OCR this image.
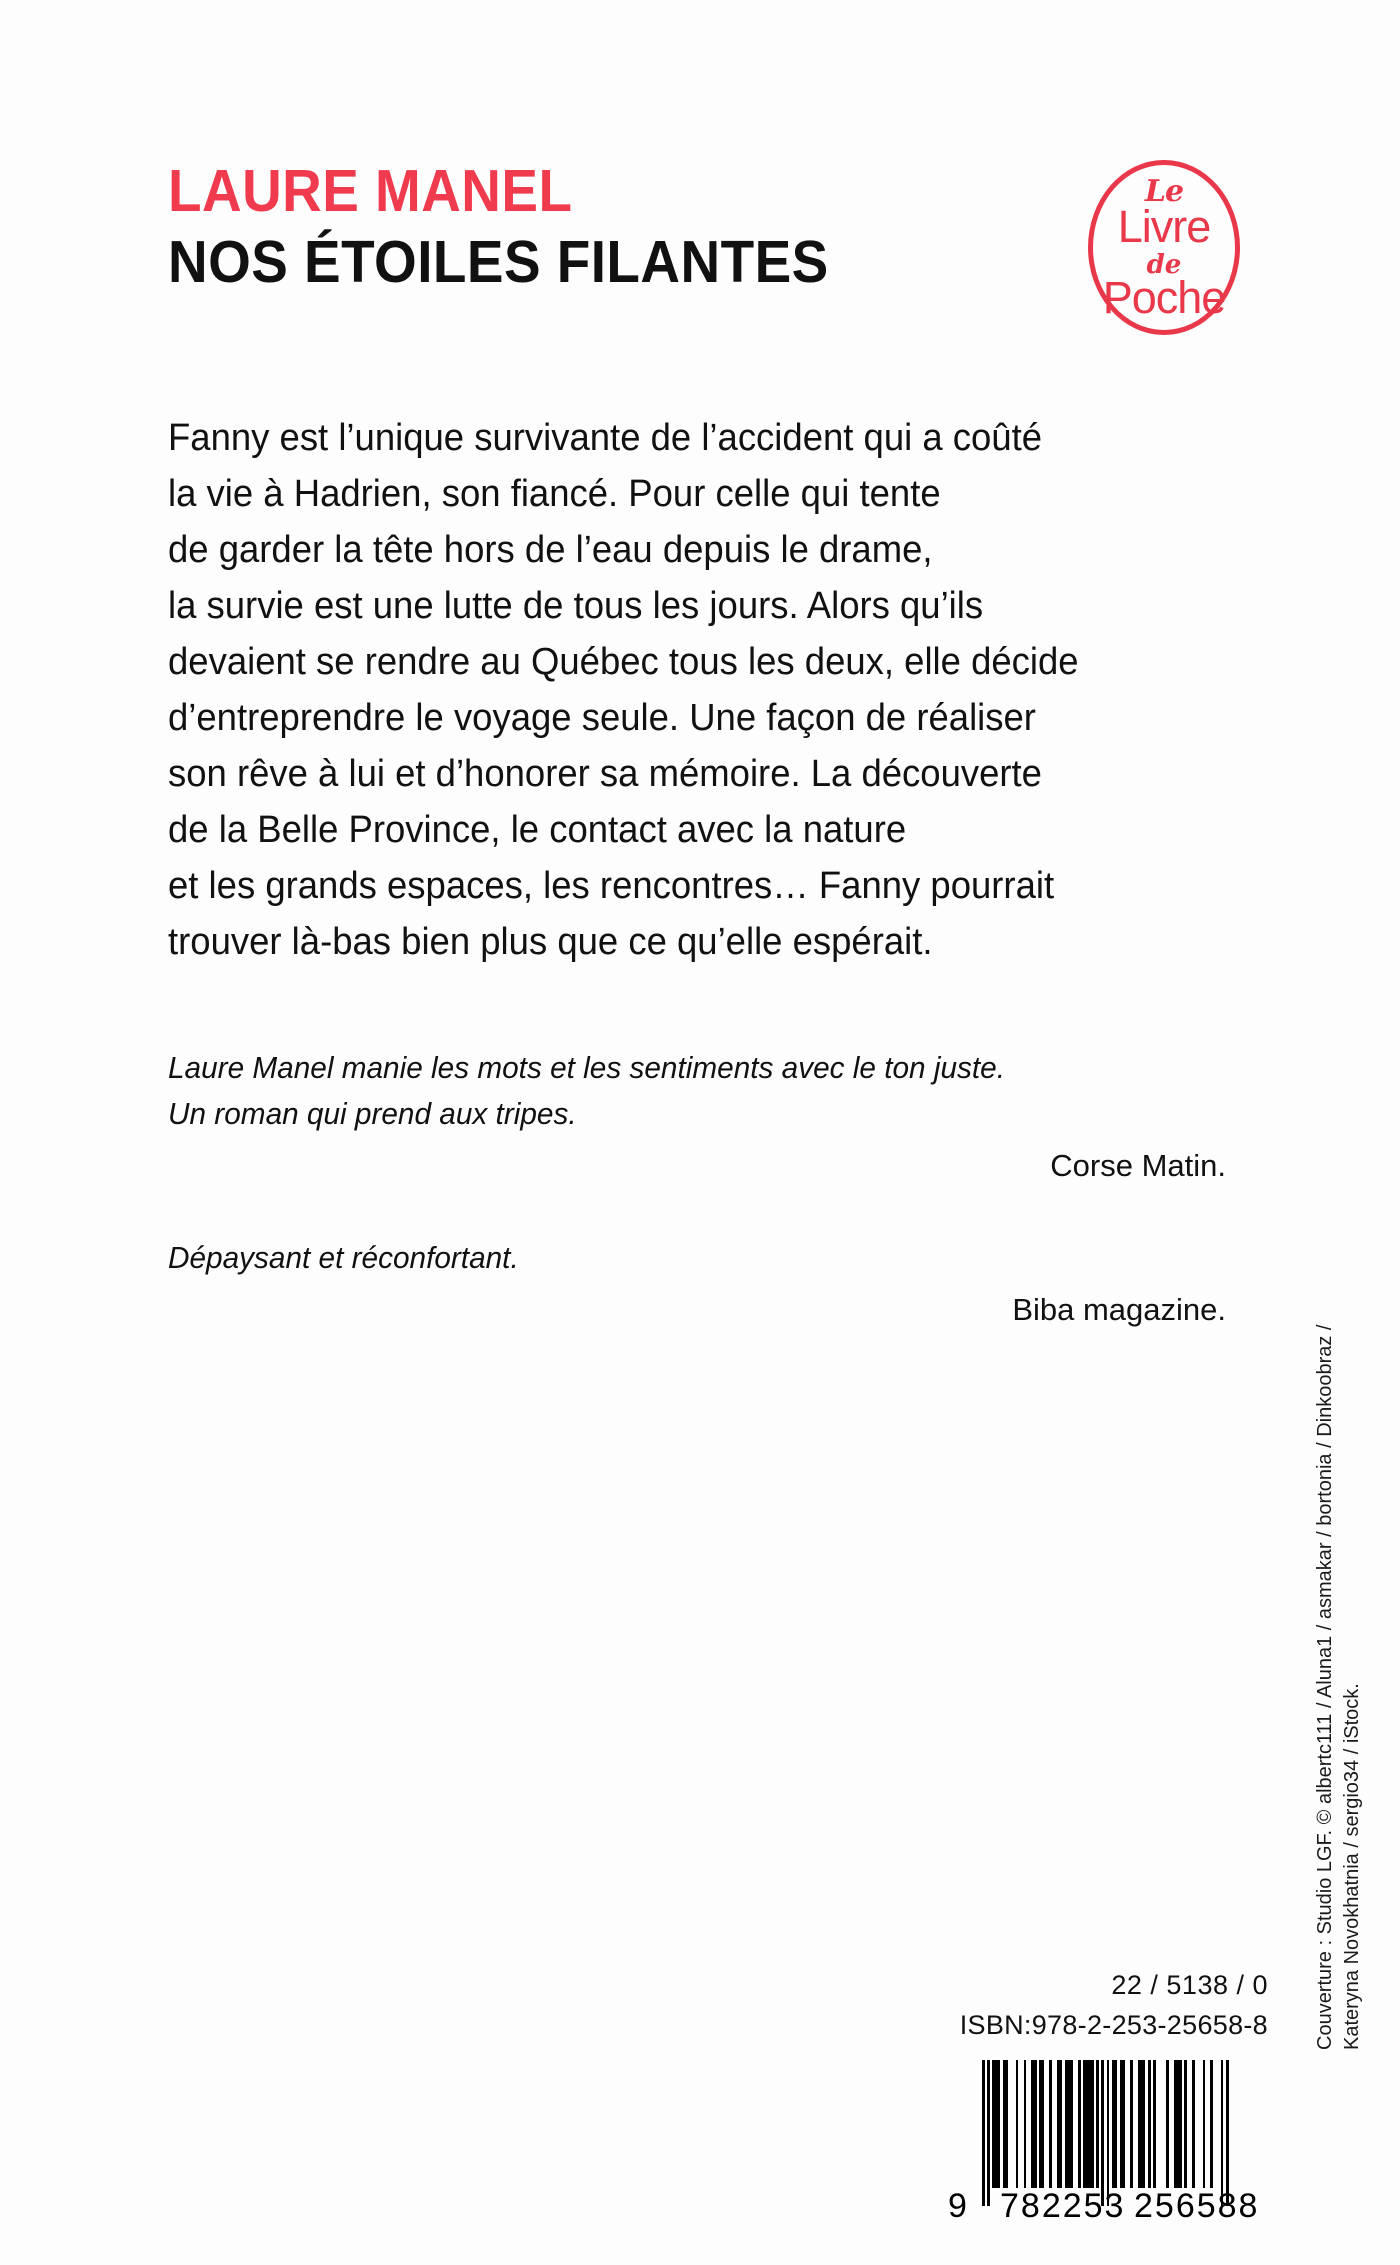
LAURE MANEL
NOS ÉTOILES FILANTES
Le
Livre
de
Poche
Fanny est l’unique survivante de l’accident qui a coûté
la vie à Hadrien, son fiancé. Pour celle qui tente
de garder la tête hors de l’eau depuis le drame,
la survie est une lutte de tous les jours. Alors qu’ils
devaient se rendre au Québec tous les deux, elle décide
d’entreprendre le voyage seule. Une façon de réaliser
son rêve à lui et d’honorer sa mémoire. La découverte
de la Belle Province, le contact avec la nature
et les grands espaces, les rencontres… Fanny pourrait
trouver là-bas bien plus que ce qu’elle espérait.
Laure Manel manie les mots et les sentiments avec le ton juste.
Un roman qui prend aux tripes.
Corse Matin.
Dépaysant et réconfortant.
Biba magazine.
Couverture : Studio LGF. © albertc111 / Aluna1 / asmakar / bortonia / Dinkoobraz / Kateryna Novokhatnia / sergio34 / iStock.
22 / 5138 / 0
ISBN:978-2-253-25658-8
9 782253 256588
